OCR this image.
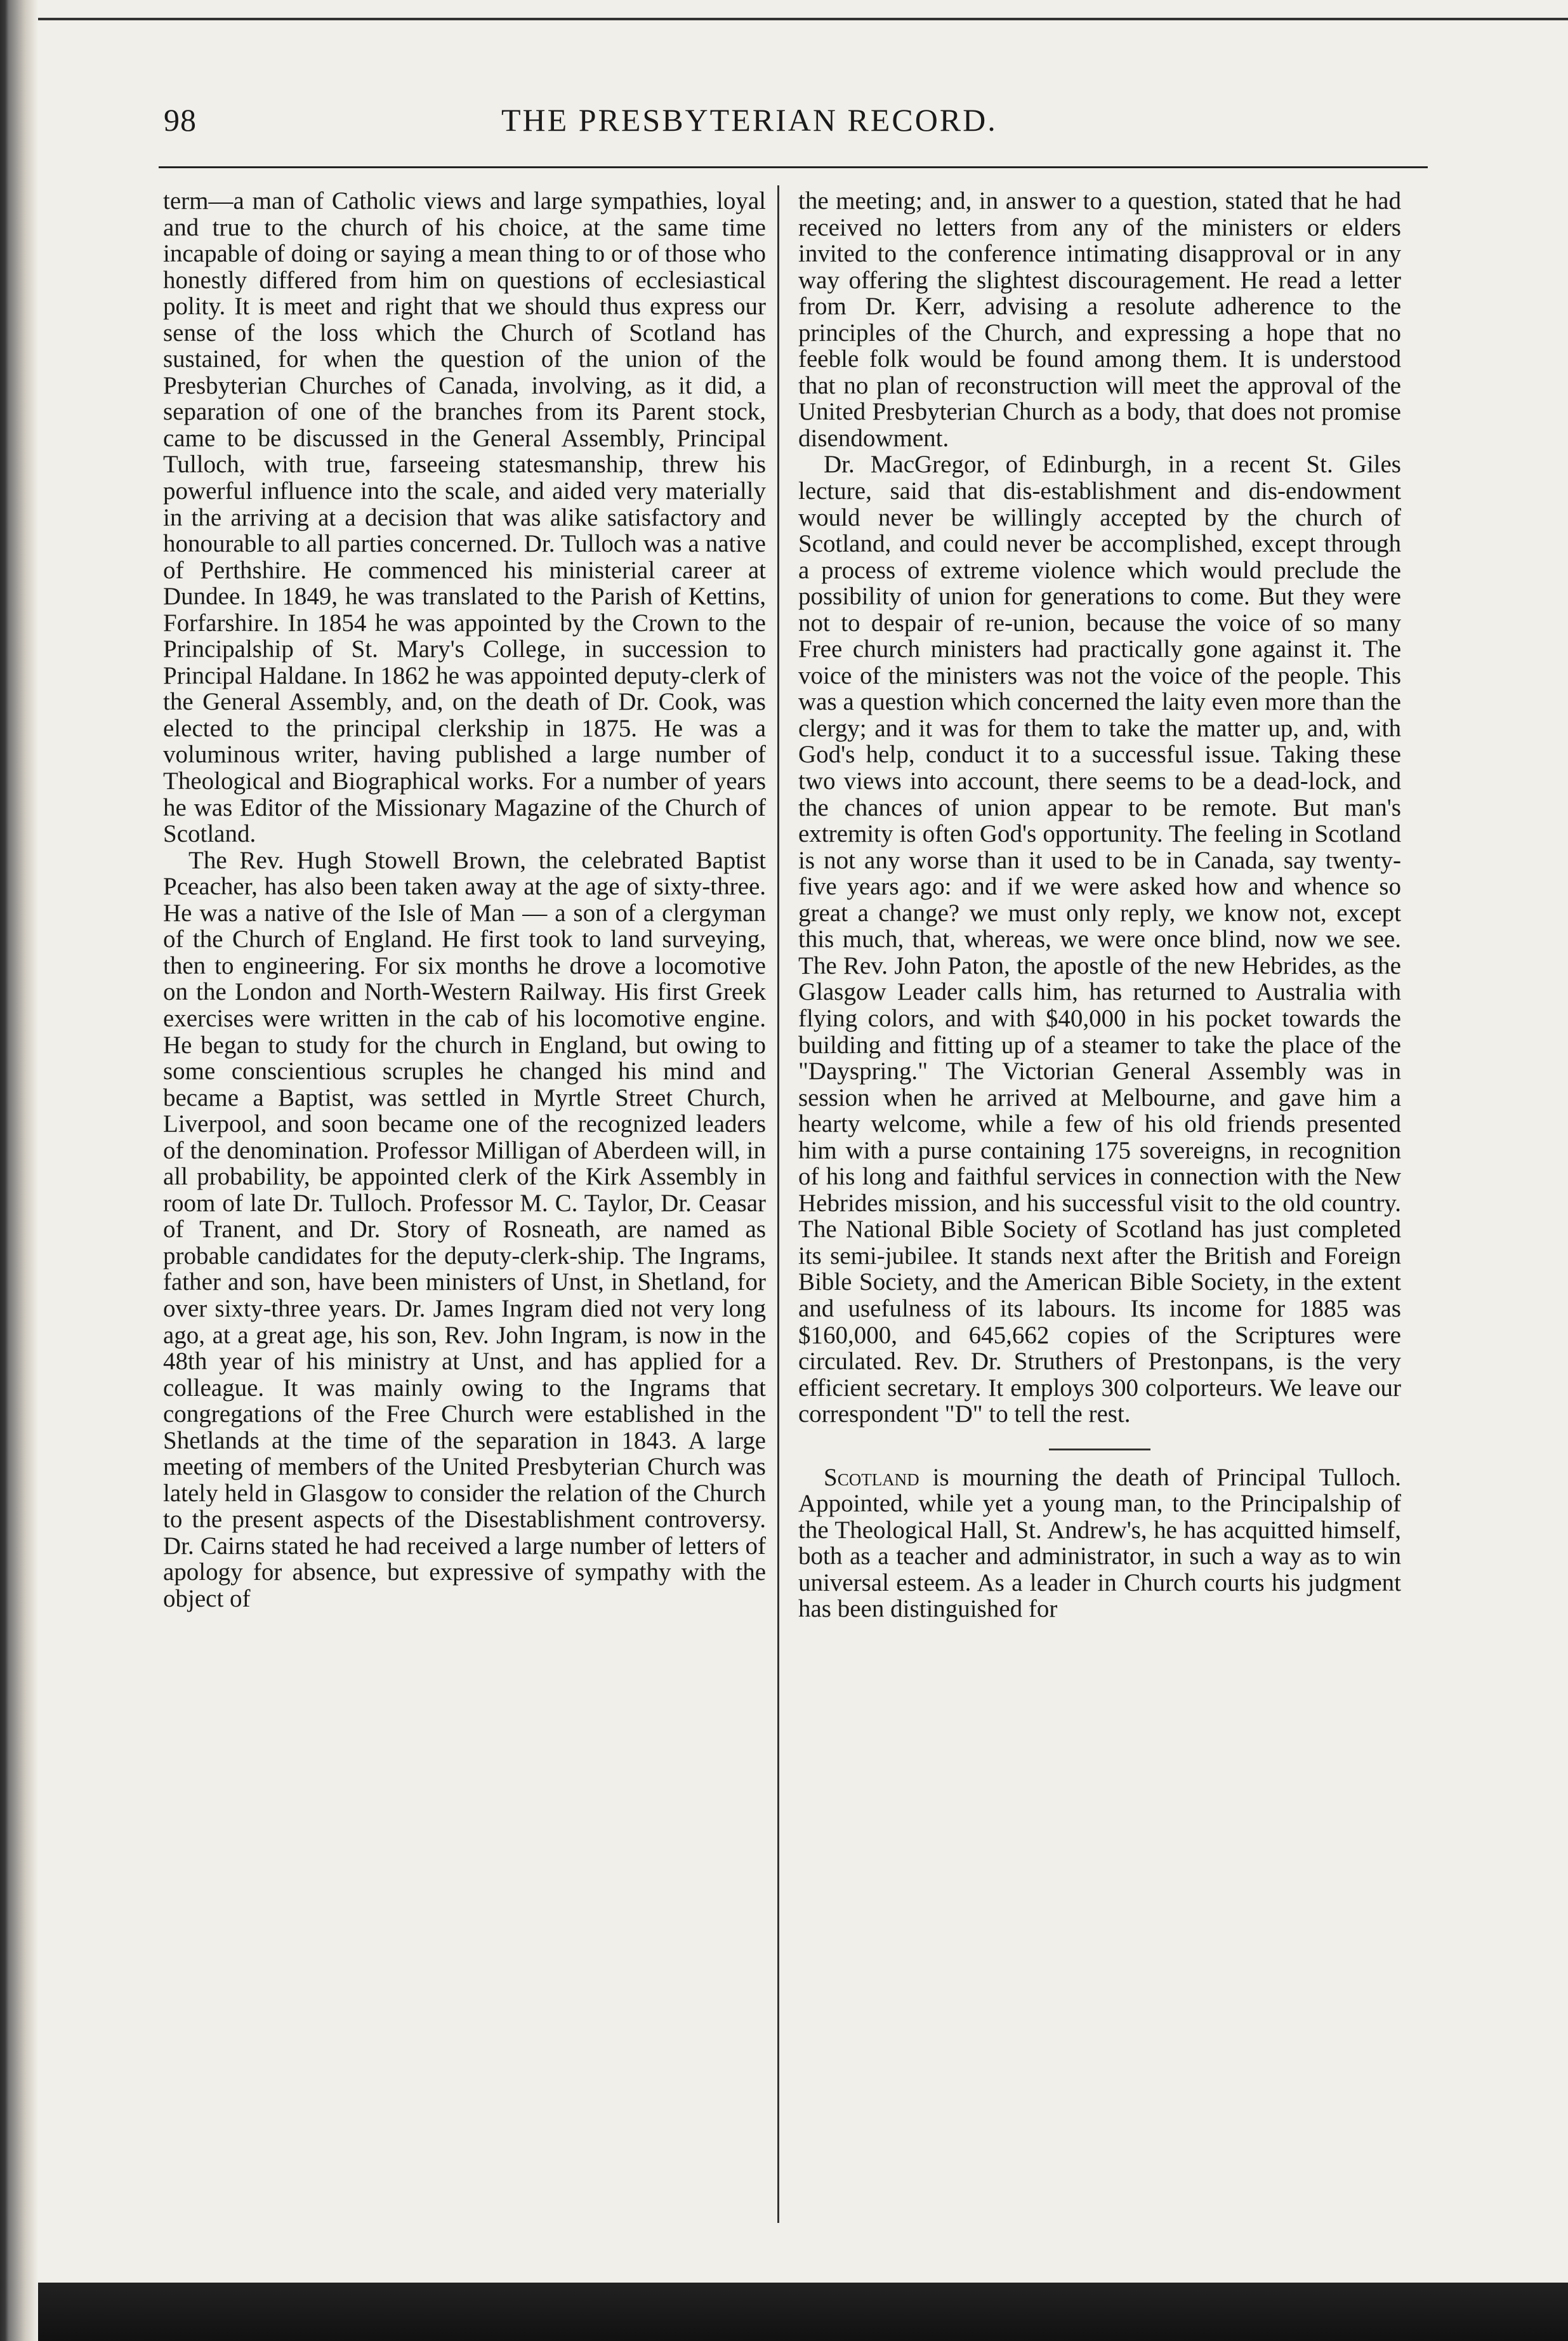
98	THE PRESBYTERIAN RECORD.

term—a man of Catholic views and large sympathies, loyal and true to the church of his choice, at the same time incapable of doing or saying a mean thing to or of those who honestly differed from him on questions of ecclesiastical polity. It is meet and right that we should thus express our sense of the loss which the Church of Scotland has sustained, for when the question of the union of the Presbyterian Churches of Canada, involving, as it did, a separation of one of the branches from its Parent stock, came to be discussed in the General Assembly, Principal Tulloch, with true, farseeing statesmanship, threw his powerful influence into the scale, and aided very materially in the arriving at a decision that was alike satisfactory and honourable to all parties concerned. Dr. Tulloch was a native of Perthshire. He commenced his ministerial career at Dundee. In 1849, he was translated to the Parish of Kettins, Forfarshire. In 1854 he was appointed by the Crown to the Principalship of St. Mary's College, in succession to Principal Haldane. In 1862 he was appointed deputy-clerk of the General Assembly, and, on the death of Dr. Cook, was elected to the principal clerkship in 1875. He was a voluminous writer, having published a large number of Theological and Biographical works. For a number of years he was Editor of the Missionary Magazine of the Church of Scotland.

The Rev. Hugh Stowell Brown, the celebrated Baptist Pceacher, has also been taken away at the age of sixty-three. He was a native of the Isle of Man — a son of a clergyman of the Church of England. He first took to land surveying, then to engineering. For six months he drove a locomotive on the London and North-Western Railway. His first Greek exercises were written in the cab of his locomotive engine. He began to study for the church in England, but owing to some conscientious scruples he changed his mind and became a Baptist, was settled in Myrtle Street Church, Liverpool, and soon became one of the recognized leaders of the denomination. Professor Milligan of Aberdeen will, in all probability, be appointed clerk of the Kirk Assembly in room of late Dr. Tulloch. Professor M. C. Taylor, Dr. Ceasar of Tranent, and Dr. Story of Rosneath, are named as probable candidates for the deputy-clerk-ship. The Ingrams, father and son, have been ministers of Unst, in Shetland, for over sixty-three years. Dr. James Ingram died not very long ago, at a great age, his son, Rev. John Ingram, is now in the 48th year of his ministry at Unst, and has applied for a colleague. It was mainly owing to the Ingrams that congregations of the Free Church were established in the Shetlands at the time of the separation in 1843. A large meeting of members of the United Presbyterian Church was lately held in Glasgow to consider the relation of the Church to the present aspects of the Disestablishment controversy. Dr. Cairns stated he had received a large number of letters of apology for absence, but expressive of sympathy with the object of

the meeting; and, in answer to a question, stated that he had received no letters from any of the ministers or elders invited to the conference intimating disapproval or in any way offering the slightest discouragement. He read a letter from Dr. Kerr, advising a resolute adherence to the principles of the Church, and expressing a hope that no feeble folk would be found among them. It is understood that no plan of reconstruction will meet the approval of the United Presbyterian Church as a body, that does not promise disendowment.

Dr. MacGregor, of Edinburgh, in a recent St. Giles lecture, said that dis-establishment and dis-endowment would never be willingly accepted by the church of Scotland, and could never be accomplished, except through a process of extreme violence which would preclude the possibility of union for generations to come. But they were not to despair of re-union, because the voice of so many Free church ministers had practically gone against it. The voice of the ministers was not the voice of the people. This was a question which concerned the laity even more than the clergy; and it was for them to take the matter up, and, with God's help, conduct it to a successful issue. Taking these two views into account, there seems to be a dead-lock, and the chances of union appear to be remote. But man's extremity is often God's opportunity. The feeling in Scotland is not any worse than it used to be in Canada, say twenty-five years ago: and if we were asked how and whence so great a change? we must only reply, we know not, except this much, that, whereas, we were once blind, now we see. The Rev. John Paton, the apostle of the new Hebrides, as the Glasgow Leader calls him, has returned to Australia with flying colors, and with $40,000 in his pocket towards the building and fitting up of a steamer to take the place of the "Dayspring." The Victorian General Assembly was in session when he arrived at Melbourne, and gave him a hearty welcome, while a few of his old friends presented him with a purse containing 175 sovereigns, in recognition of his long and faithful services in connection with the New Hebrides mission, and his successful visit to the old country. The National Bible Society of Scotland has just completed its semi-jubilee. It stands next after the British and Foreign Bible Society, and the American Bible Society, in the extent and usefulness of its labours. Its income for 1885 was $160,000, and 645,662 copies of the Scriptures were circulated. Rev. Dr. Struthers of Prestonpans, is the very efficient secretary. It employs 300 colporteurs. We leave our correspondent "D" to tell the rest.

Scotland is mourning the death of Principal Tulloch. Appointed, while yet a young man, to the Principalship of the Theological Hall, St. Andrew's, he has acquitted himself, both as a teacher and administrator, in such a way as to win universal esteem. As a leader in Church courts his judgment has been distinguished for
